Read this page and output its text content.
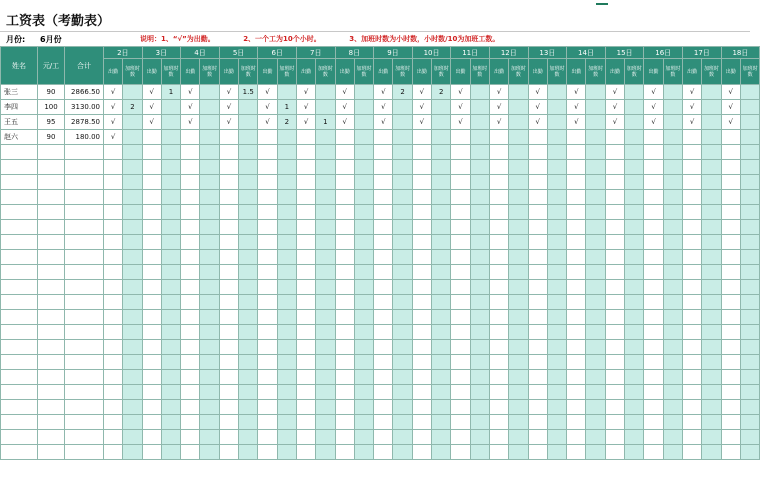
工资表（考勤表）
月份: 6月份	说明：1、“√”为出勤。	2、一个工为10个小时。	3、加班时数为小时数，小时数/10为加班工数。
姓名	元/工	合计	2日		3日		4日		5日		6日		7日		8日		9日		10日		11日		12日		13日		14日		15日		16日		17日		18日	
			出勤	加班时数	出勤	加班时数	出勤	加班时数	出勤	加班时数	出勤	加班时数	出勤	加班时数	出勤	加班时数	出勤	加班时数	出勤	加班时数	出勤	加班时数	出勤	加班时数	出勤	加班时数	出勤	加班时数	出勤	加班时数	出勤	加班时数	出勤	加班时数	出勤	加班时数
张三	90	2866.50	√		√	1	√		√	1.5	√		√		√		√	2	√	2	√		√		√		√		√		√		√		√	
李四	100	3130.00	√	2	√		√		√		√	1	√		√		√		√		√		√		√		√		√		√		√		√	
王五	95	2878.50	√		√		√		√		√	2	√	1	√		√		√		√		√		√		√		√		√		√		√	
赵六	90	180.00	√																																	
